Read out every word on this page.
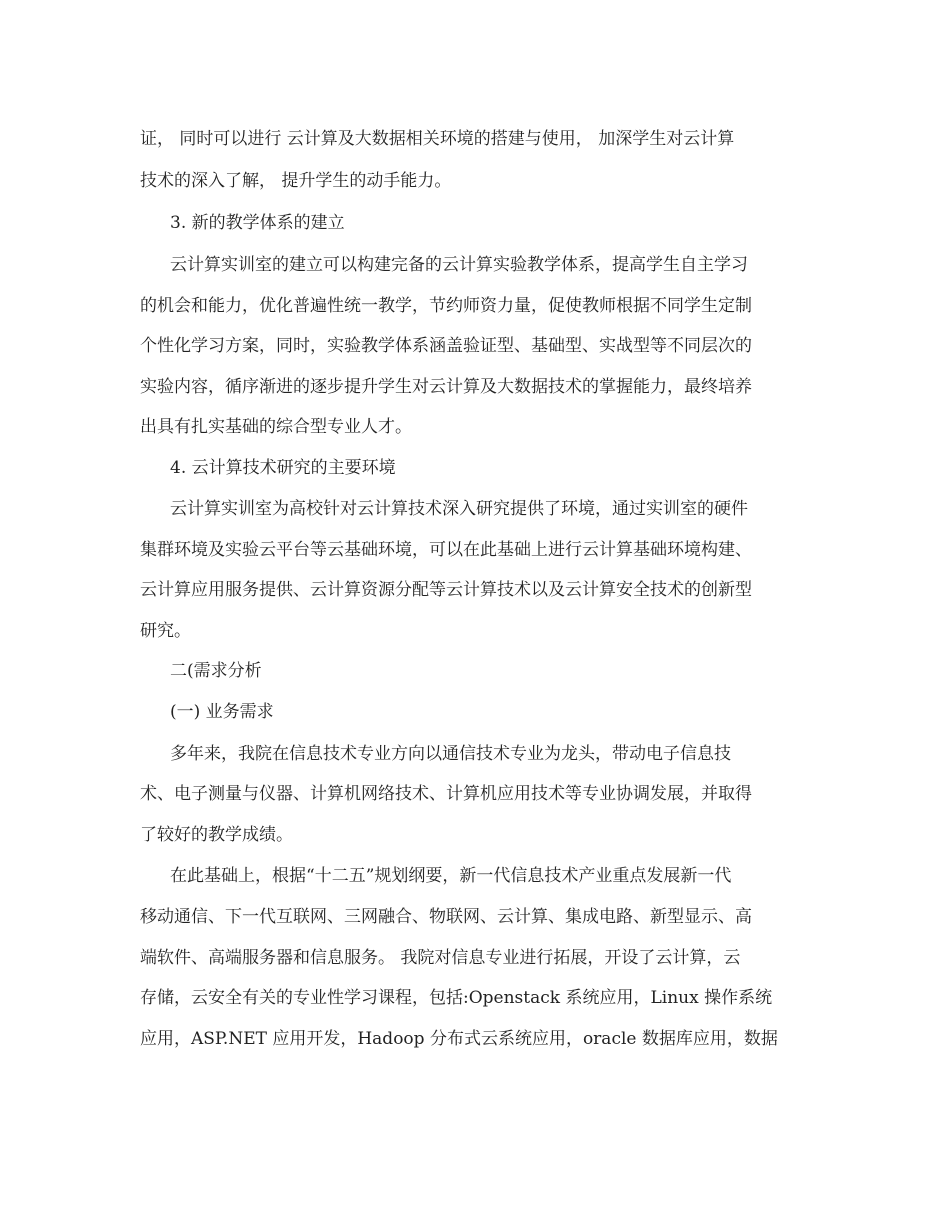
证， 同时可以进行 云计算及大数据相关环境的搭建与使用， 加深学生对云计算
技术的深入了解， 提升学生的动手能力。
3. 新的教学体系的建立
云计算实训室的建立可以构建完备的云计算实验教学体系，提高学生自主学习
的机会和能力，优化普遍性统一教学，节约师资力量，促使教师根据不同学生定制
个性化学习方案，同时，实验教学体系涵盖验证型、基础型、实战型等不同层次的
实验内容，循序渐进的逐步提升学生对云计算及大数据技术的掌握能力，最终培养
出具有扎实基础的综合型专业人才。
4. 云计算技术研究的主要环境
云计算实训室为高校针对云计算技术深入研究提供了环境，通过实训室的硬件
集群环境及实验云平台等云基础环境，可以在此基础上进行云计算基础环境构建、
云计算应用服务提供、云计算资源分配等云计算技术以及云计算安全技术的创新型
研究。
二(需求分析
(一) 业务需求
多年来，我院在信息技术专业方向以通信技术专业为龙头，带动电子信息技
术、电子测量与仪器、计算机网络技术、计算机应用技术等专业协调发展，并取得
了较好的教学成绩。
在此基础上，根据“十二五”规划纲要，新一代信息技术产业重点发展新一代
移动通信、下一代互联网、三网融合、物联网、云计算、集成电路、新型显示、高
端软件、高端服务器和信息服务。 我院对信息专业进行拓展，开设了云计算，云
存储，云安全有关的专业性学习课程，包括:Openstack 系统应用，Linux 操作系统
应用，ASP.NET 应用开发，Hadoop 分布式云系统应用，oracle 数据库应用，数据
